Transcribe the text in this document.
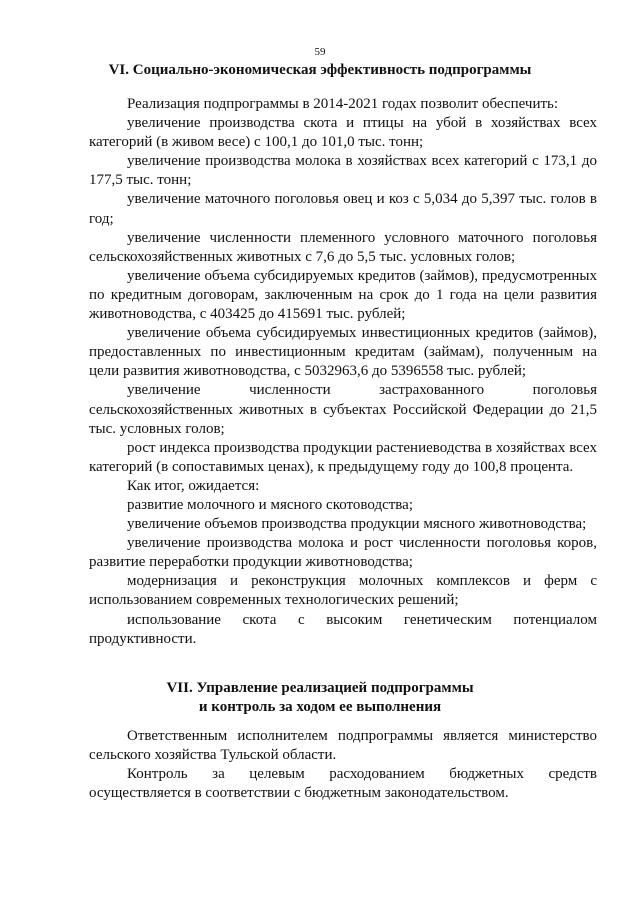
59
VI. Социально-экономическая эффективность подпрограммы

Реализация подпрограммы в 2014-2021 годах позволит обеспечить:

увеличение производства скота и птицы на убой в хозяйствах всех категорий (в живом весе) с 100,1 до 101,0 тыс. тонн;

увеличение производства молока в хозяйствах всех категорий с 173,1 до 177,5 тыс. тонн;

увеличение маточного поголовья овец и коз с 5,034 до 5,397 тыс. голов в год;

увеличение численности племенного условного маточного поголовья сельскохозяйственных животных с 7,6 до 5,5 тыс. условных голов;

увеличение объема субсидируемых кредитов (займов), предусмотренных по кредитным договорам, заключенным на срок до 1 года на цели развития животноводства, с 403425 до 415691 тыс. рублей;

увеличение объема субсидируемых инвестиционных кредитов (займов), предоставленных по инвестиционным кредитам (займам), полученным на цели развития животноводства, с 5032963,6 до 5396558 тыс. рублей;

увеличение численности застрахованного поголовья сельскохозяйственных животных в субъектах Российской Федерации до 21,5 тыс. условных голов;

рост индекса производства продукции растениеводства в хозяйствах всех категорий (в сопоставимых ценах), к предыдущему году до 100,8 процента.

Как итог, ожидается:

развитие молочного и мясного скотоводства;

увеличение объемов производства продукции мясного животноводства;

увеличение производства молока и рост численности поголовья коров, развитие переработки продукции животноводства;

модернизация и реконструкция молочных комплексов и ферм с использованием современных технологических решений;

использование скота с высоким генетическим потенциалом продуктивности.

VII. Управление реализацией подпрограммы
и контроль за ходом ее выполнения

Ответственным исполнителем подпрограммы является министерство сельского хозяйства Тульской области.

Контроль за целевым расходованием бюджетных средств осуществляется в соответствии с бюджетным законодательством.
